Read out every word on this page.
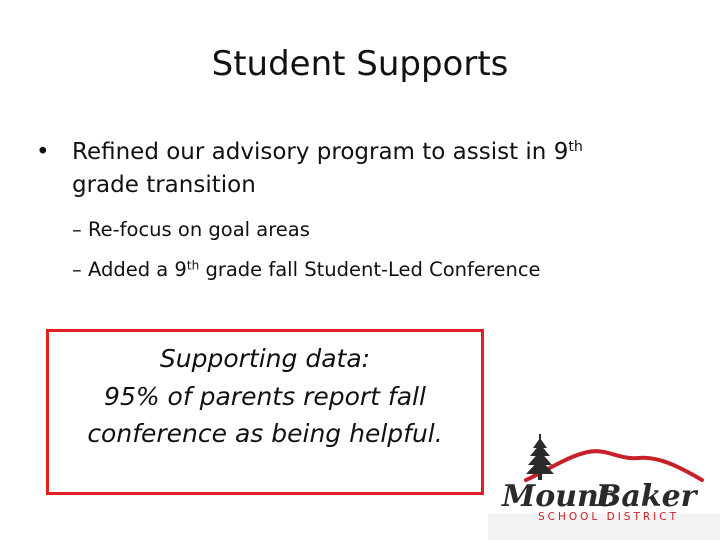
Student Supports
• Refined our advisory program to assist in 9th
grade transition
– Re-focus on goal areas
– Added a 9th grade fall Student-Led Conference
Supporting data:
95% of parents report fall
conference as being helpful.
Mount
Baker
SCHOOL DISTRICT
